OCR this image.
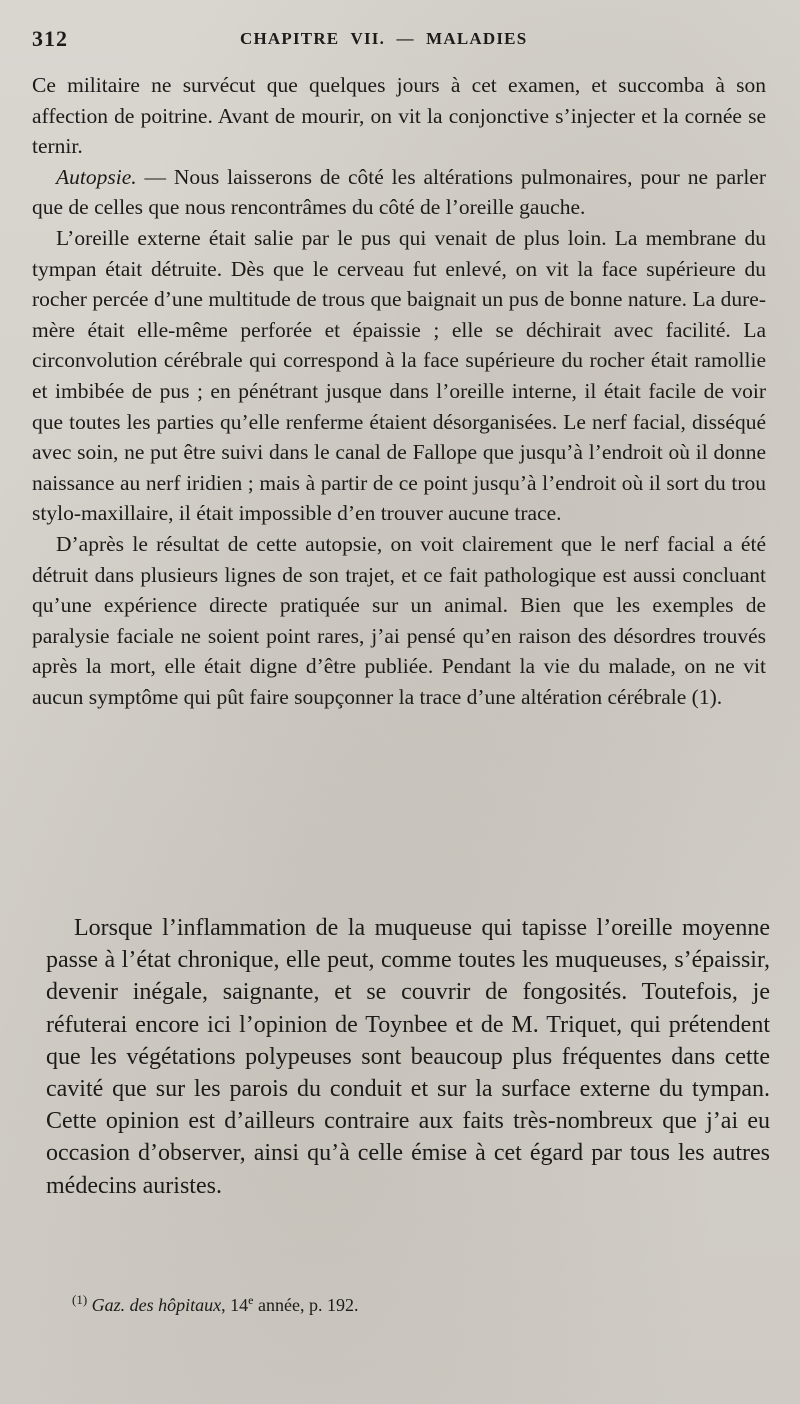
312	CHAPITRE VII. — MALADIES

Ce militaire ne survécut que quelques jours à cet examen, et succomba à son affection de poitrine. Avant de mourir, on vit la conjonctive s’injecter et la cornée se ternir.

Autopsie. — Nous laisserons de côté les altérations pulmonaires, pour ne parler que de celles que nous rencontrâmes du côté de l’oreille gauche.

L’oreille externe était salie par le pus qui venait de plus loin. La membrane du tympan était détruite. Dès que le cerveau fut enlevé, on vit la face supérieure du rocher percée d’une multitude de trous que baignait un pus de bonne nature. La dure-mère était elle-même perforée et épaissie ; elle se déchirait avec facilité. La circonvolution cérébrale qui correspond à la face supérieure du rocher était ramollie et imbibée de pus ; en pénétrant jusque dans l’oreille interne, il était facile de voir que toutes les parties qu’elle renferme étaient désorganisées. Le nerf facial, disséqué avec soin, ne put être suivi dans le canal de Fallope que jusqu’à l’endroit où il donne naissance au nerf iridien ; mais à partir de ce point jusqu’à l’endroit où il sort du trou stylo-maxillaire, il était impossible d’en trouver aucune trace.

D’après le résultat de cette autopsie, on voit clairement que le nerf facial a été détruit dans plusieurs lignes de son trajet, et ce fait pathologique est aussi concluant qu’une expérience directe pratiquée sur un animal. Bien que les exemples de paralysie faciale ne soient point rares, j’ai pensé qu’en raison des désordres trouvés après la mort, elle était digne d’être publiée. Pendant la vie du malade, on ne vit aucun symptôme qui pût faire soupçonner la trace d’une altération cérébrale (1).

Lorsque l’inflammation de la muqueuse qui tapisse l’oreille moyenne passe à l’état chronique, elle peut, comme toutes les muqueuses, s’épaissir, devenir inégale, saignante, et se couvrir de fongosités. Toutefois, je réfuterai encore ici l’opinion de Toynbee et de M. Triquet, qui prétendent que les végétations polypeuses sont beaucoup plus fréquentes dans cette cavité que sur les parois du conduit et sur la surface externe du tympan. Cette opinion est d’ailleurs contraire aux faits très-nombreux que j’ai eu occasion d’observer, ainsi qu’à celle émise à cet égard par tous les autres médecins auristes.

$^{(1)}$ Gaz. des hôpitaux, 14e année, p. 192.
